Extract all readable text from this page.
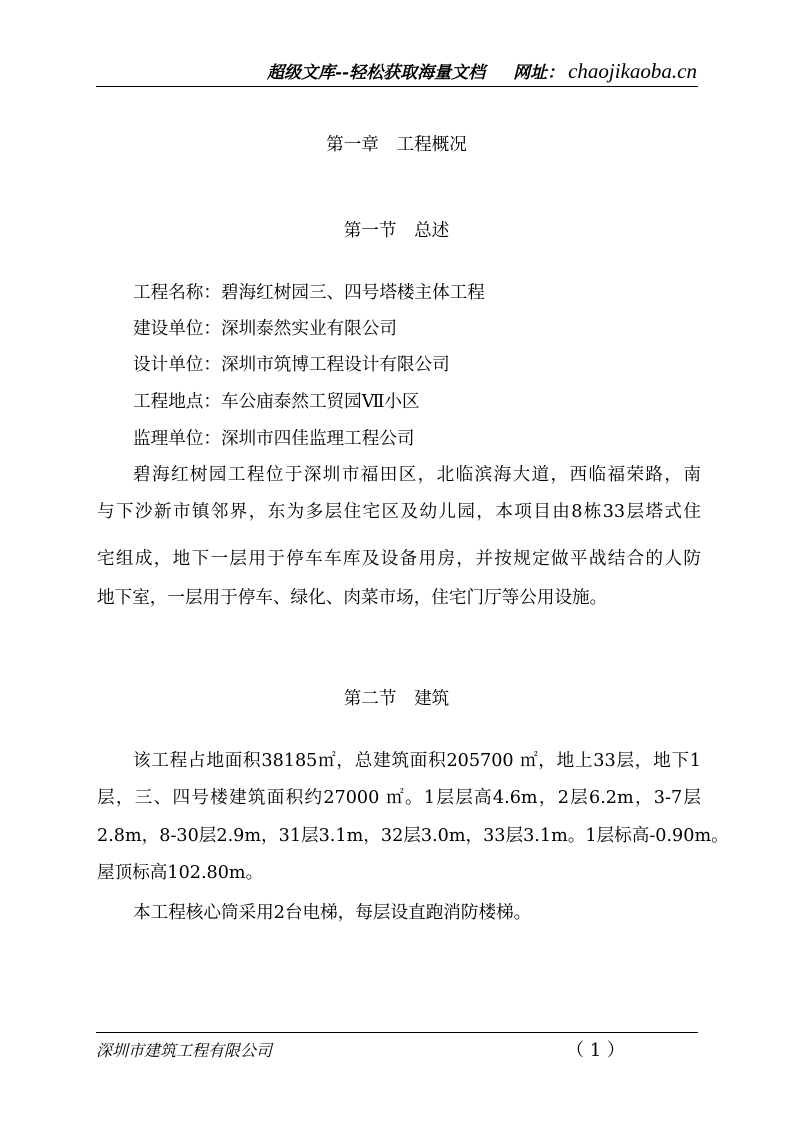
超级文库--轻松获取海量文档 网址： chaojikaoba.cn
第一章　工程概况
第一节　总述
工程名称：碧海红树园三、四号塔楼主体工程
建设单位：深圳泰然实业有限公司
设计单位：深圳市筑博工程设计有限公司
工程地点：车公庙泰然工贸园Ⅶ小区
监理单位：深圳市四佳监理工程公司
碧海红树园工程位于深圳市福田区，北临滨海大道，西临福荣路，南
与下沙新市镇邻界，东为多层住宅区及幼儿园，本项目由8栋33层塔式住
宅组成，地下一层用于停车车库及设备用房，并按规定做平战结合的人防
地下室，一层用于停车、绿化、肉菜市场，住宅门厅等公用设施。
第二节　建筑
该工程占地面积38185㎡，总建筑面积205700 ㎡，地上33层，地下1
层，三、四号楼建筑面积约27000 ㎡。1层层高4.6m，2层6.2m，3-7层
2.8m，8-30层2.9m，31层3.1m，32层3.0m，33层3.1m。1层标高-0.90m。
屋顶标高102.80m。
本工程核心筒采用2台电梯，每层设直跑消防楼梯。
深圳市建筑工程有限公司	（ 1 ）
